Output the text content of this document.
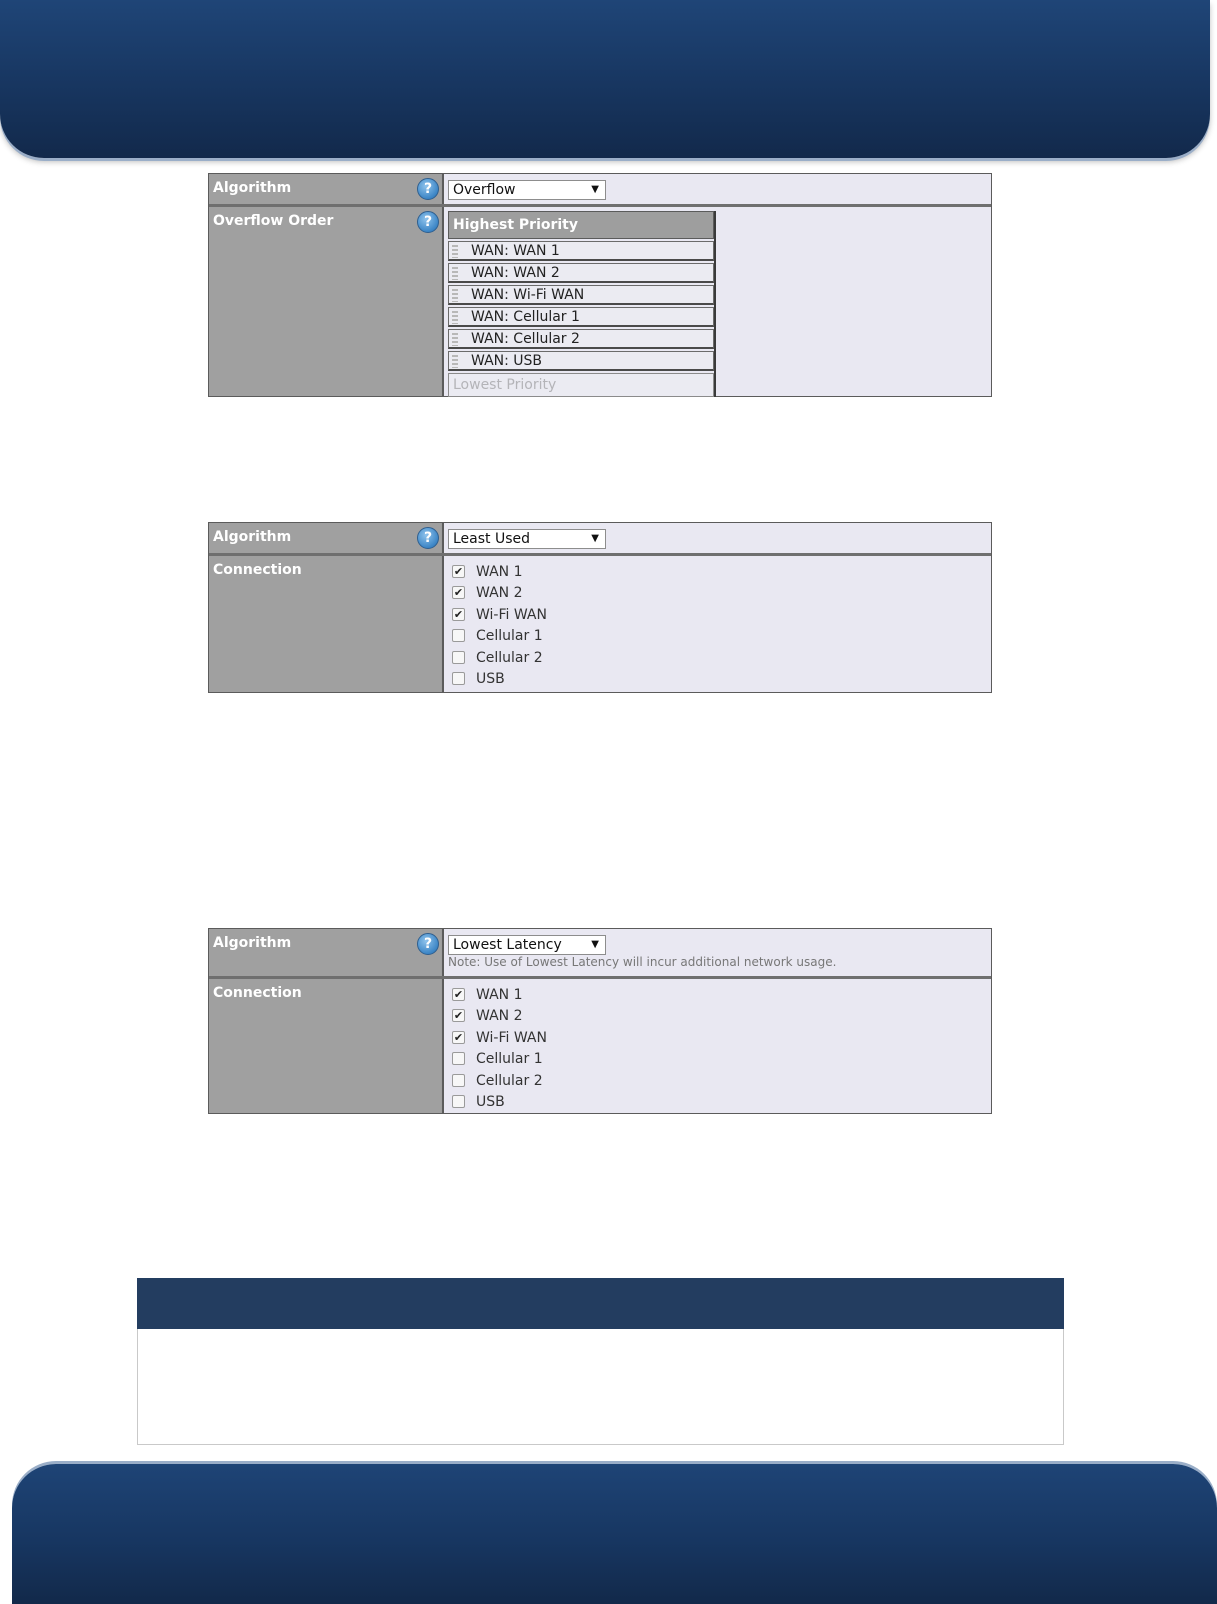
Algorithm	?	Overflow	▼
Overflow Order	?	Highest Priority
WAN: WAN 1
WAN: WAN 2
WAN: Wi-Fi WAN
WAN: Cellular 1
WAN: Cellular 2
WAN: USB
Lowest Priority
Algorithm	?	Least Used	▼
Connection	✔ WAN 1
✔ WAN 2
✔ Wi-Fi WAN
Cellular 1
Cellular 2
USB
Algorithm	?	Lowest Latency	▼
Note: Use of Lowest Latency will incur additional network usage.
Connection	✔ WAN 1
✔ WAN 2
✔ Wi-Fi WAN
Cellular 1
Cellular 2
USB
